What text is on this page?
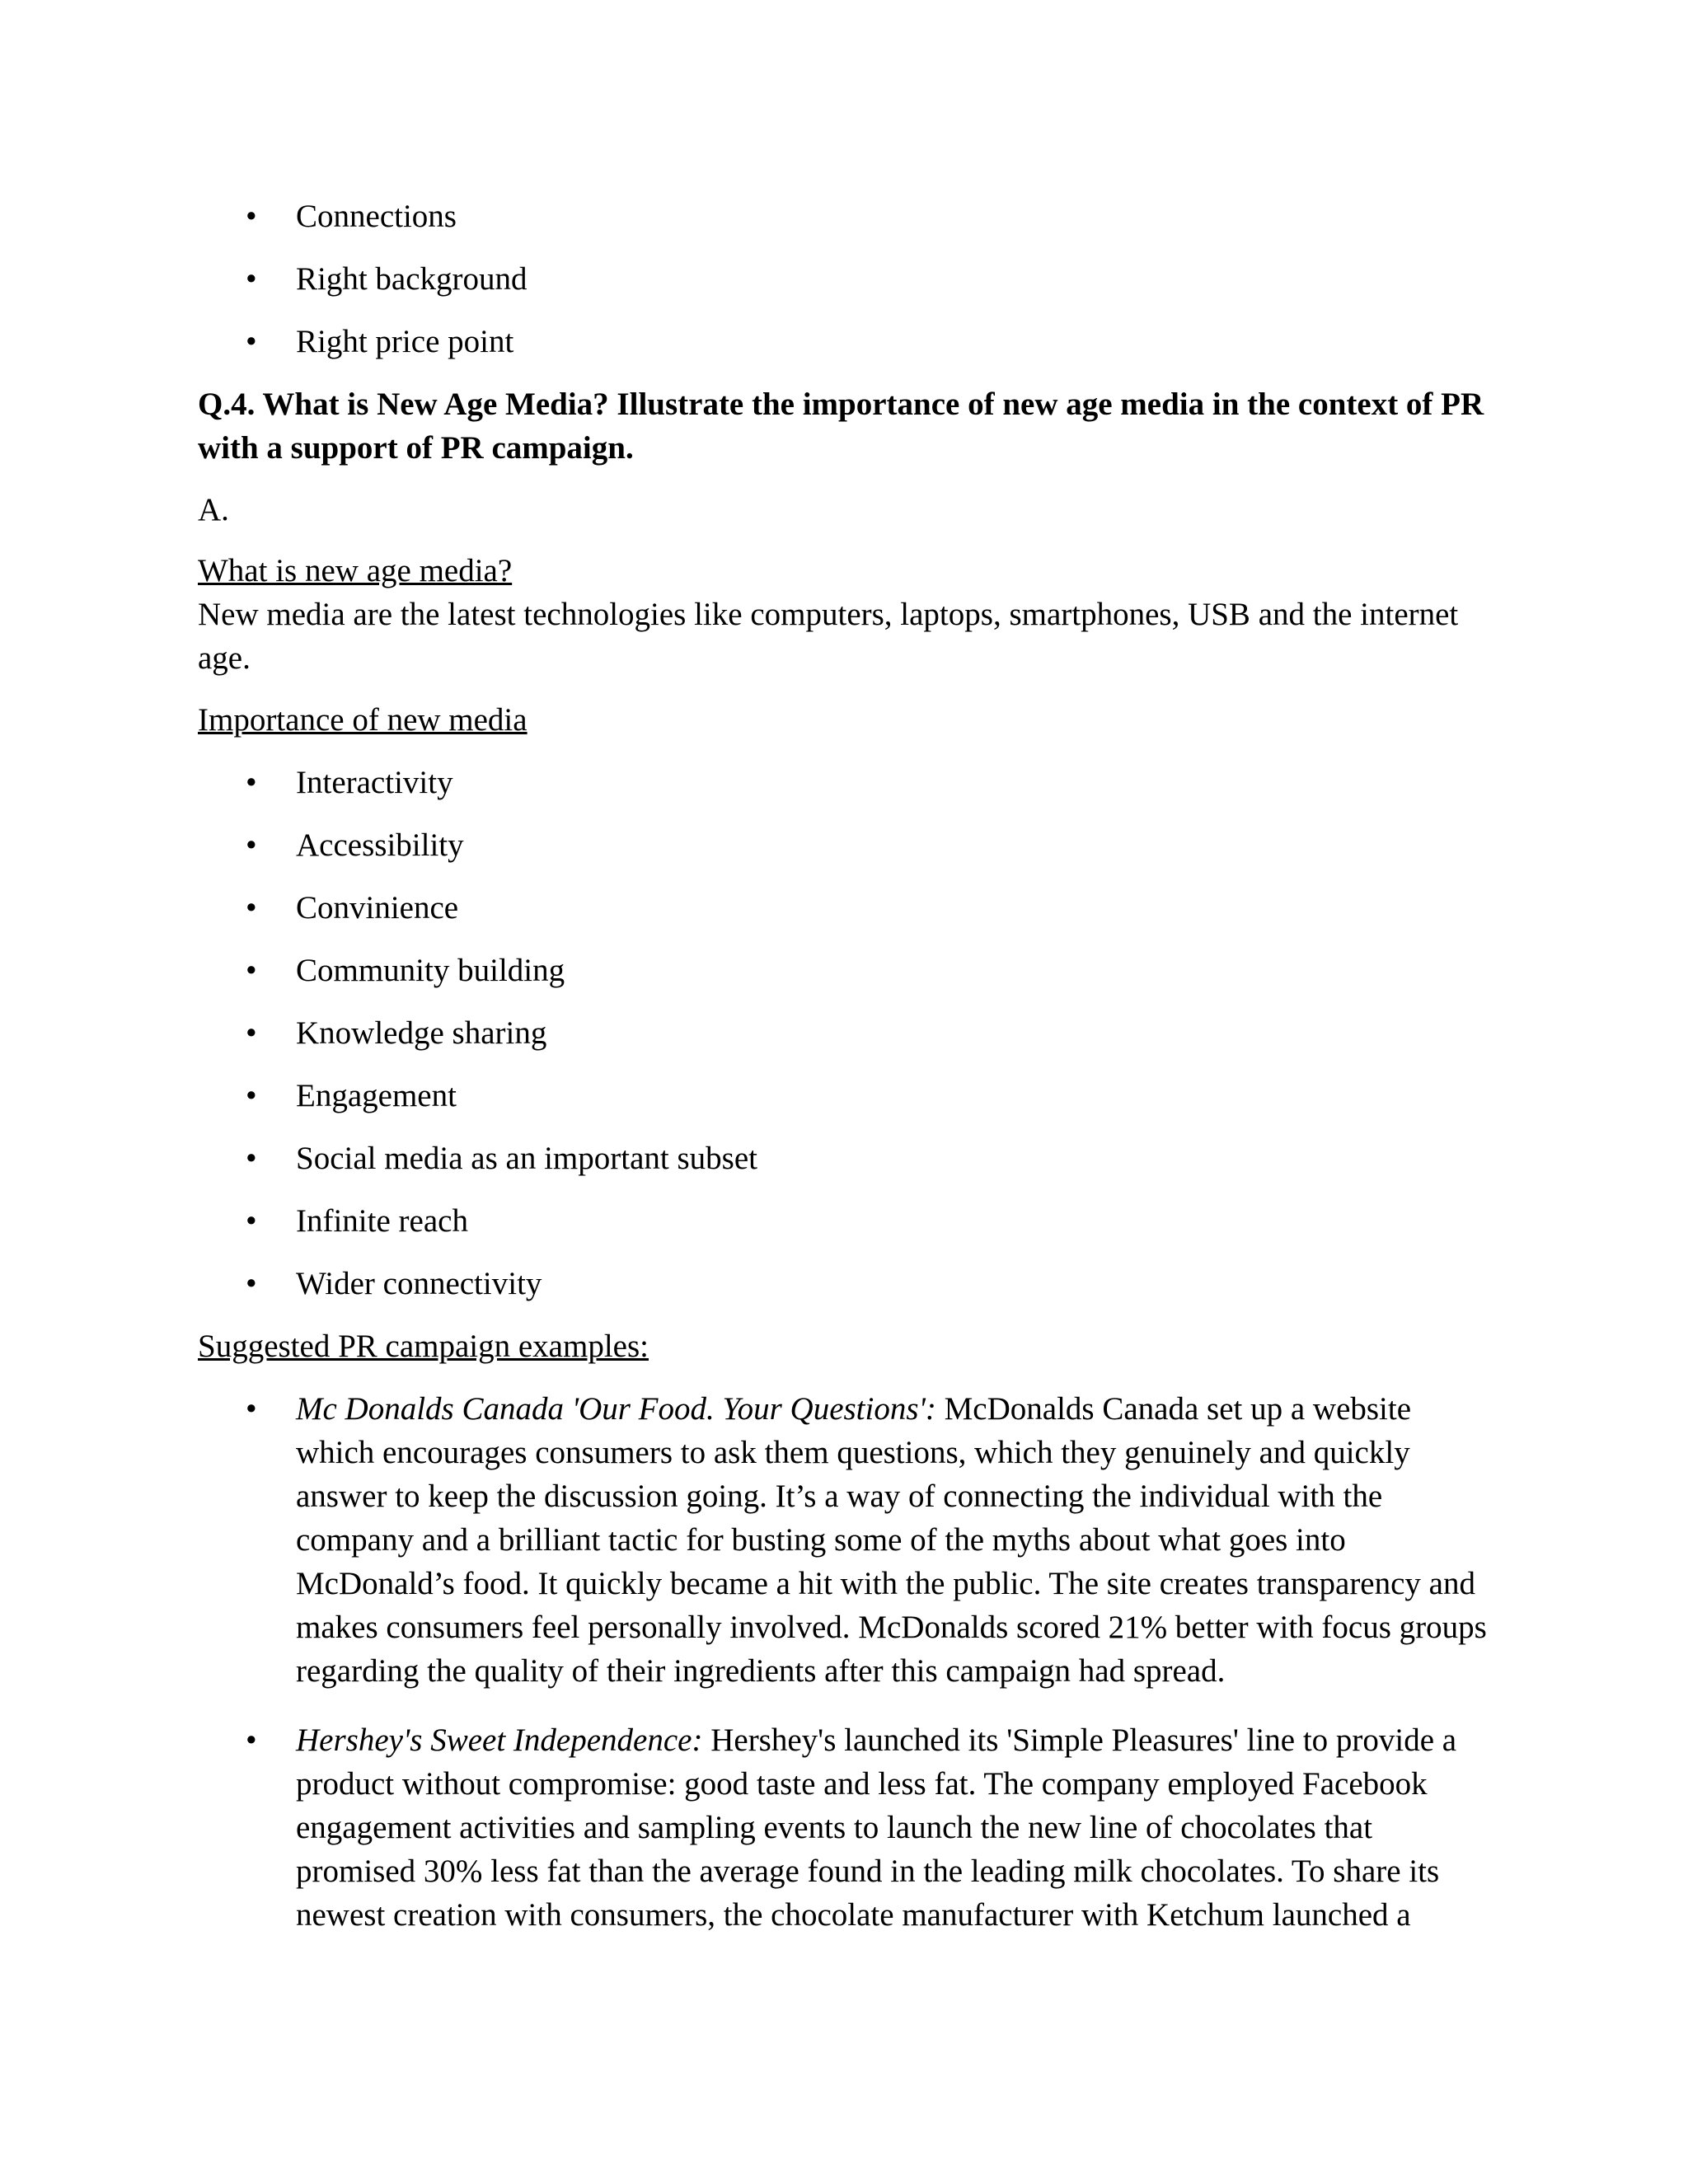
• Connections
• Right background
• Right price point
Q.4. What is New Age Media? Illustrate the importance of new age media in the context of PR with a support of PR campaign.
A.
What is new age media?
New media are the latest technologies like computers, laptops, smartphones, USB and the internet age.
Importance of new media
• Interactivity
• Accessibility
• Convinience
• Community building
• Knowledge sharing
• Engagement
• Social media as an important subset
• Infinite reach
• Wider connectivity
Suggested PR campaign examples:
• Mc Donalds Canada 'Our Food. Your Questions': McDonalds Canada set up a website which encourages consumers to ask them questions, which they genuinely and quickly answer to keep the discussion going. It’s a way of connecting the individual with the company and a brilliant tactic for busting some of the myths about what goes into McDonald’s food. It quickly became a hit with the public. The site creates transparency and makes consumers feel personally involved. McDonalds scored 21% better with focus groups regarding the quality of their ingredients after this campaign had spread.
• Hershey's Sweet Independence: Hershey's launched its 'Simple Pleasures' line to provide a product without compromise: good taste and less fat. The company employed Facebook engagement activities and sampling events to launch the new line of chocolates that promised 30% less fat than the average found in the leading milk chocolates. To share its newest creation with consumers, the chocolate manufacturer with Ketchum launched a
